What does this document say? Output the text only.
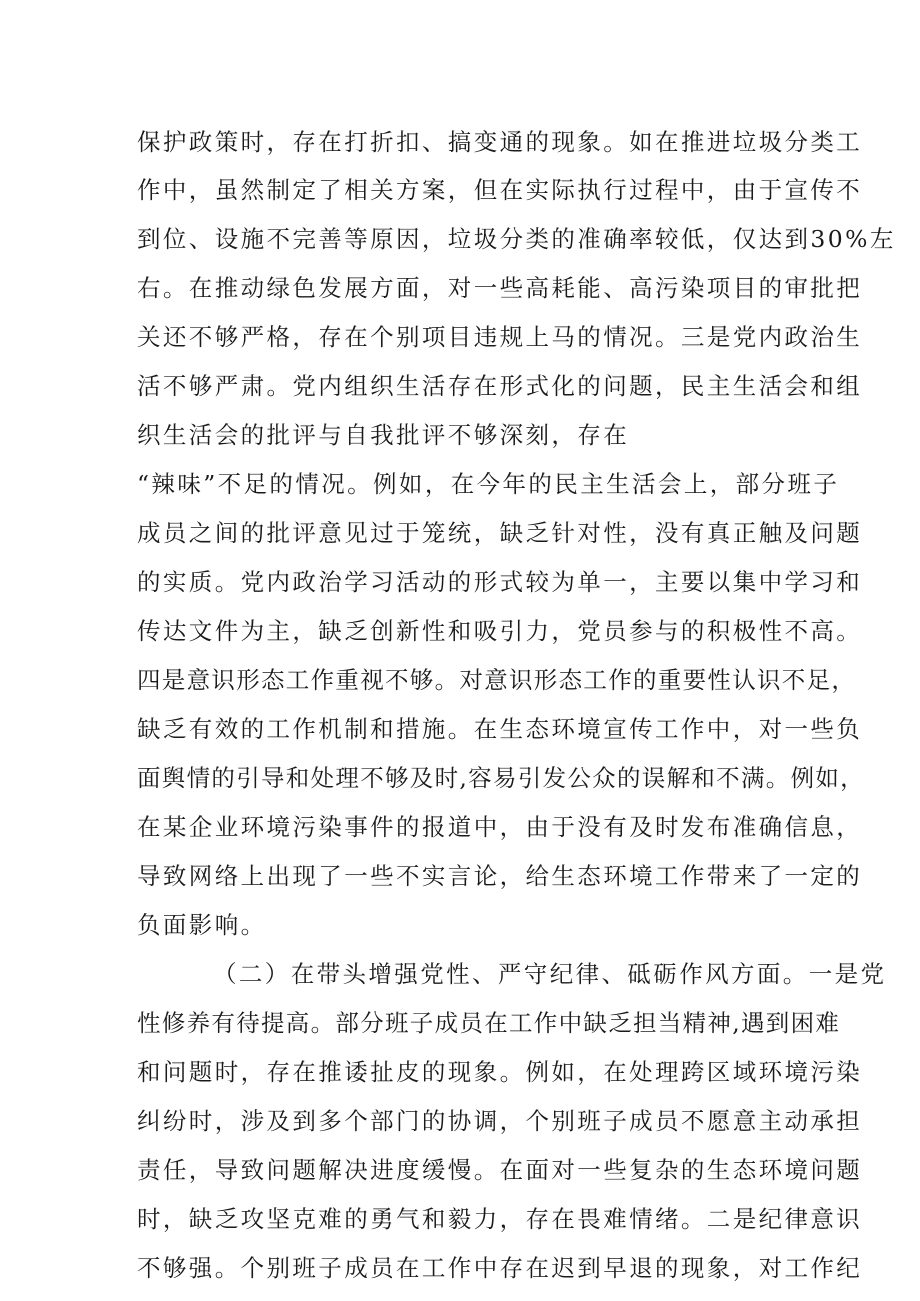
保护政策时，存在打折扣、搞变通的现象。如在推进垃圾分类工
作中，虽然制定了相关方案，但在实际执行过程中，由于宣传不
到位、设施不完善等原因，垃圾分类的准确率较低，仅达到30%左
右。在推动绿色发展方面，对一些高耗能、高污染项目的审批把
关还不够严格，存在个别项目违规上马的情况。三是党内政治生
活不够严肃。党内组织生活存在形式化的问题，民主生活会和组
织生活会的批评与自我批评不够深刻，存在
“辣味”不足的情况。例如，在今年的民主生活会上，部分班子
成员之间的批评意见过于笼统，缺乏针对性，没有真正触及问题
的实质。党内政治学习活动的形式较为单一，主要以集中学习和
传达文件为主，缺乏创新性和吸引力，党员参与的积极性不高。
四是意识形态工作重视不够。对意识形态工作的重要性认识不足，
缺乏有效的工作机制和措施。在生态环境宣传工作中，对一些负
面舆情的引导和处理不够及时,容易引发公众的误解和不满。例如，
在某企业环境污染事件的报道中，由于没有及时发布准确信息，
导致网络上出现了一些不实言论，给生态环境工作带来了一定的
负面影响。
（二）在带头增强党性、严守纪律、砥砺作风方面。一是党
性修养有待提高。部分班子成员在工作中缺乏担当精神,遇到困难
和问题时，存在推诿扯皮的现象。例如，在处理跨区域环境污染
纠纷时，涉及到多个部门的协调，个别班子成员不愿意主动承担
责任，导致问题解决进度缓慢。在面对一些复杂的生态环境问题
时，缺乏攻坚克难的勇气和毅力，存在畏难情绪。二是纪律意识
不够强。个别班子成员在工作中存在迟到早退的现象，对工作纪
